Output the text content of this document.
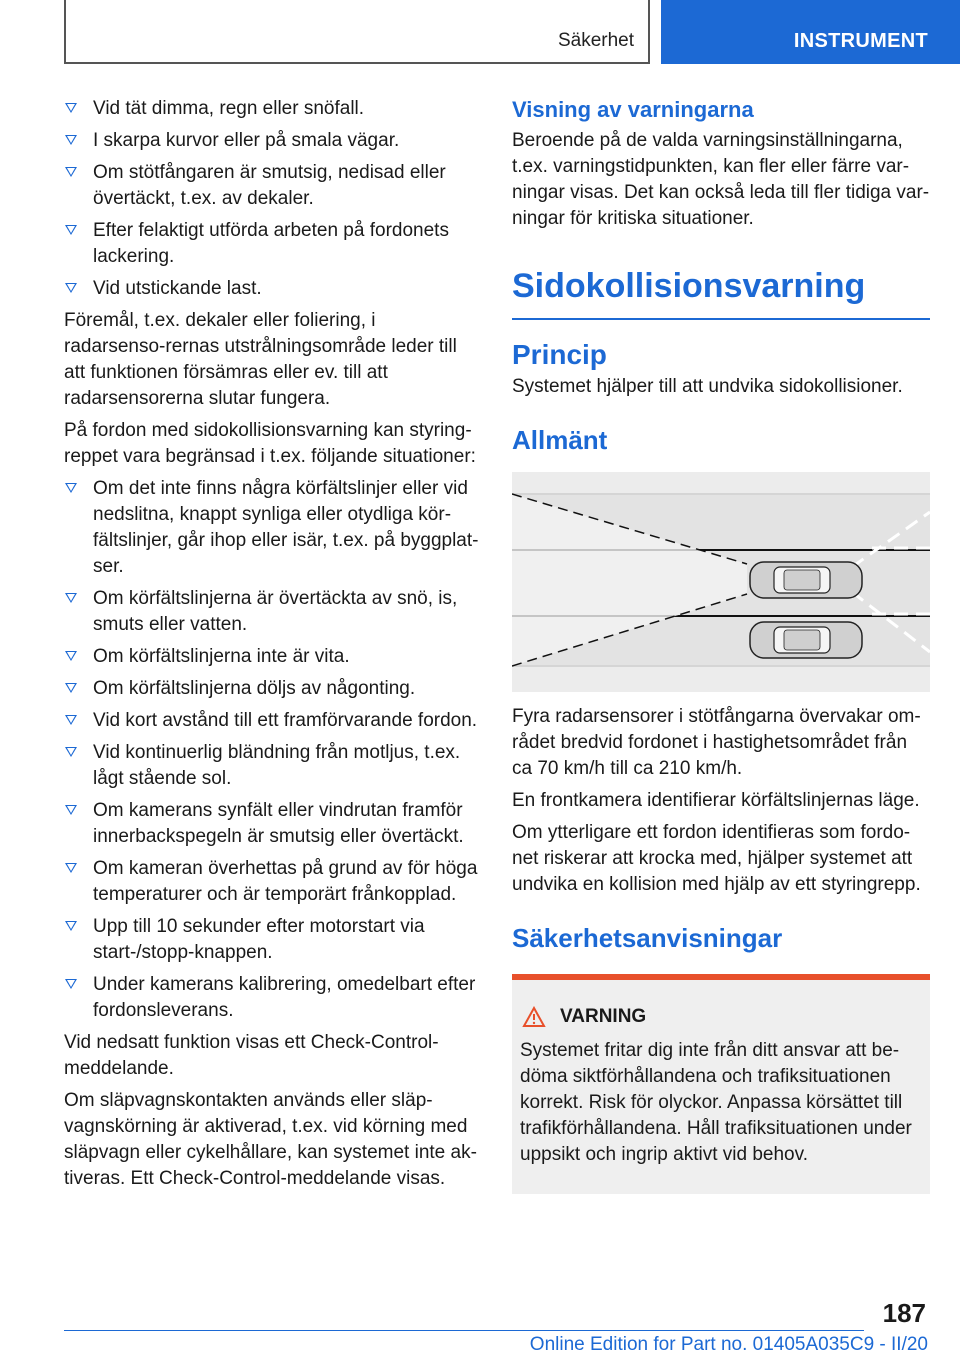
Säkerhet	INSTRUMENT
Vid tät dimma, regn eller snöfall.
I skarpa kurvor eller på smala vägar.
Om stötfångaren är smutsig, nedisad eller övertäckt, t.ex. av dekaler.
Efter felaktigt utförda arbeten på fordonets lackering.
Vid utstickande last.

Föremål, t.ex. dekaler eller foliering, i radarsenso-rernas utstrålningsområde leder till att funktionen försämras eller ev. till att radarsensorerna slutar fungera.

På fordon med sidokollisionsvarning kan styring-reppet vara begränsad i t.ex. följande situationer:

Om det inte finns några körfältslinjer eller vid nedslitna, knappt synliga eller otydliga kör-fältslinjer, går ihop eller isär, t.ex. på byggplat-ser.
Om körfältslinjerna är övertäckta av snö, is, smuts eller vatten.
Om körfältslinjerna inte är vita.
Om körfältslinjerna döljs av någonting.
Vid kort avstånd till ett framförvarande fordon.
Vid kontinuerlig bländning från motljus, t.ex. lågt stående sol.
Om kamerans synfält eller vindrutan framför innerbackspegeln är smutsig eller övertäckt.
Om kameran överhettas på grund av för höga temperaturer och är temporärt frånkopplad.
Upp till 10 sekunder efter motorstart via start-/stopp-knappen.
Under kamerans kalibrering, omedelbart efter fordonsleverans.

Vid nedsatt funktion visas ett Check-Control-meddelande.

Om släpvagnskontakten används eller släp-vagnskörning är aktiverad, t.ex. vid körning med släpvagn eller cykelhållare, kan systemet inte ak-tiveras. Ett Check-Control-meddelande visas.

Visning av varningarna

Beroende på de valda varningsinställningarna, t.ex. varningstidpunkten, kan fler eller färre var-ningar visas. Det kan också leda till fler tidiga var-ningar för kritiska situationer.

Sidokollisionsvarning
Princip

Systemet hjälper till att undvika sidokollisioner.

Allmänt

Fyra radarsensorer i stötfångarna övervakar om-rådet bredvid fordonet i hastighetsområdet från ca 70 km/h till ca 210 km/h.

En frontkamera identifierar körfältslinjernas läge.

Om ytterligare ett fordon identifieras som fordo-net riskerar att krocka med, hjälper systemet att undvika en kollision med hjälp av ett styringrepp.

Säkerhetsanvisningar
VARNING

Systemet fritar dig inte från ditt ansvar att be-döma siktförhållandena och trafiksituationen korrekt. Risk för olyckor. Anpassa körsättet till trafikförhållandena. Håll trafiksituationen under uppsikt och ingrip aktivt vid behov.

187
Online Edition for Part no. 01405A035C9 - II/20
